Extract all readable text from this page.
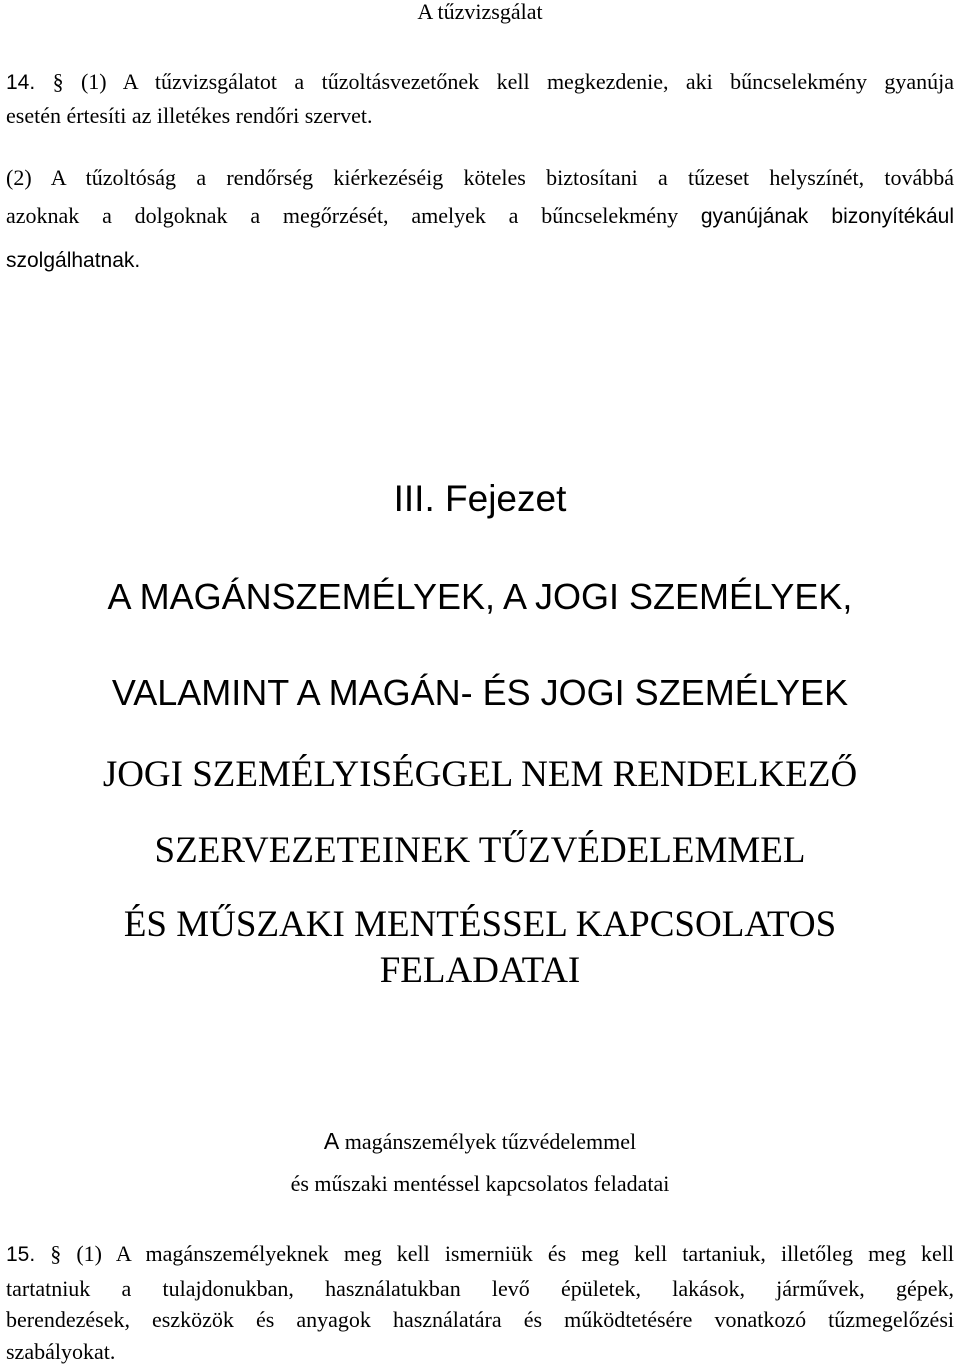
A tűzvizsgálat
14. § (1) A tűzvizsgálatot a tűzoltásvezetőnek kell megkezdenie, aki bűncselekmény gyanúja
esetén értesíti az illetékes rendőri szervet.
(2) A tűzoltóság a rendőrség kiérkezéséig köteles biztosítani a tűzeset helyszínét, továbbá
azoknak a dolgoknak a megőrzését, amelyek a bűncselekmény gyanújának bizonyítékául
szolgálhatnak.
III. Fejezet
A MAGÁNSZEMÉLYEK, A JOGI SZEMÉLYEK,
VALAMINT A MAGÁN- ÉS JOGI SZEMÉLYEK
JOGI SZEMÉLYISÉGGEL NEM RENDELKEZŐ
SZERVEZETEINEK TŰZVÉDELEMMEL
ÉS MŰSZAKI MENTÉSSEL KAPCSOLATOS
FELADATAI
A magánszemélyek tűzvédelemmel
és műszaki mentéssel kapcsolatos feladatai
15. § (1) A magánszemélyeknek meg kell ismerniük és meg kell tartaniuk, illetőleg meg kell
tartatniuk a tulajdonukban, használatukban levő épületek, lakások, járművek, gépek,
berendezések, eszközök és anyagok használatára és működtetésére vonatkozó tűzmegelőzési
szabályokat.
